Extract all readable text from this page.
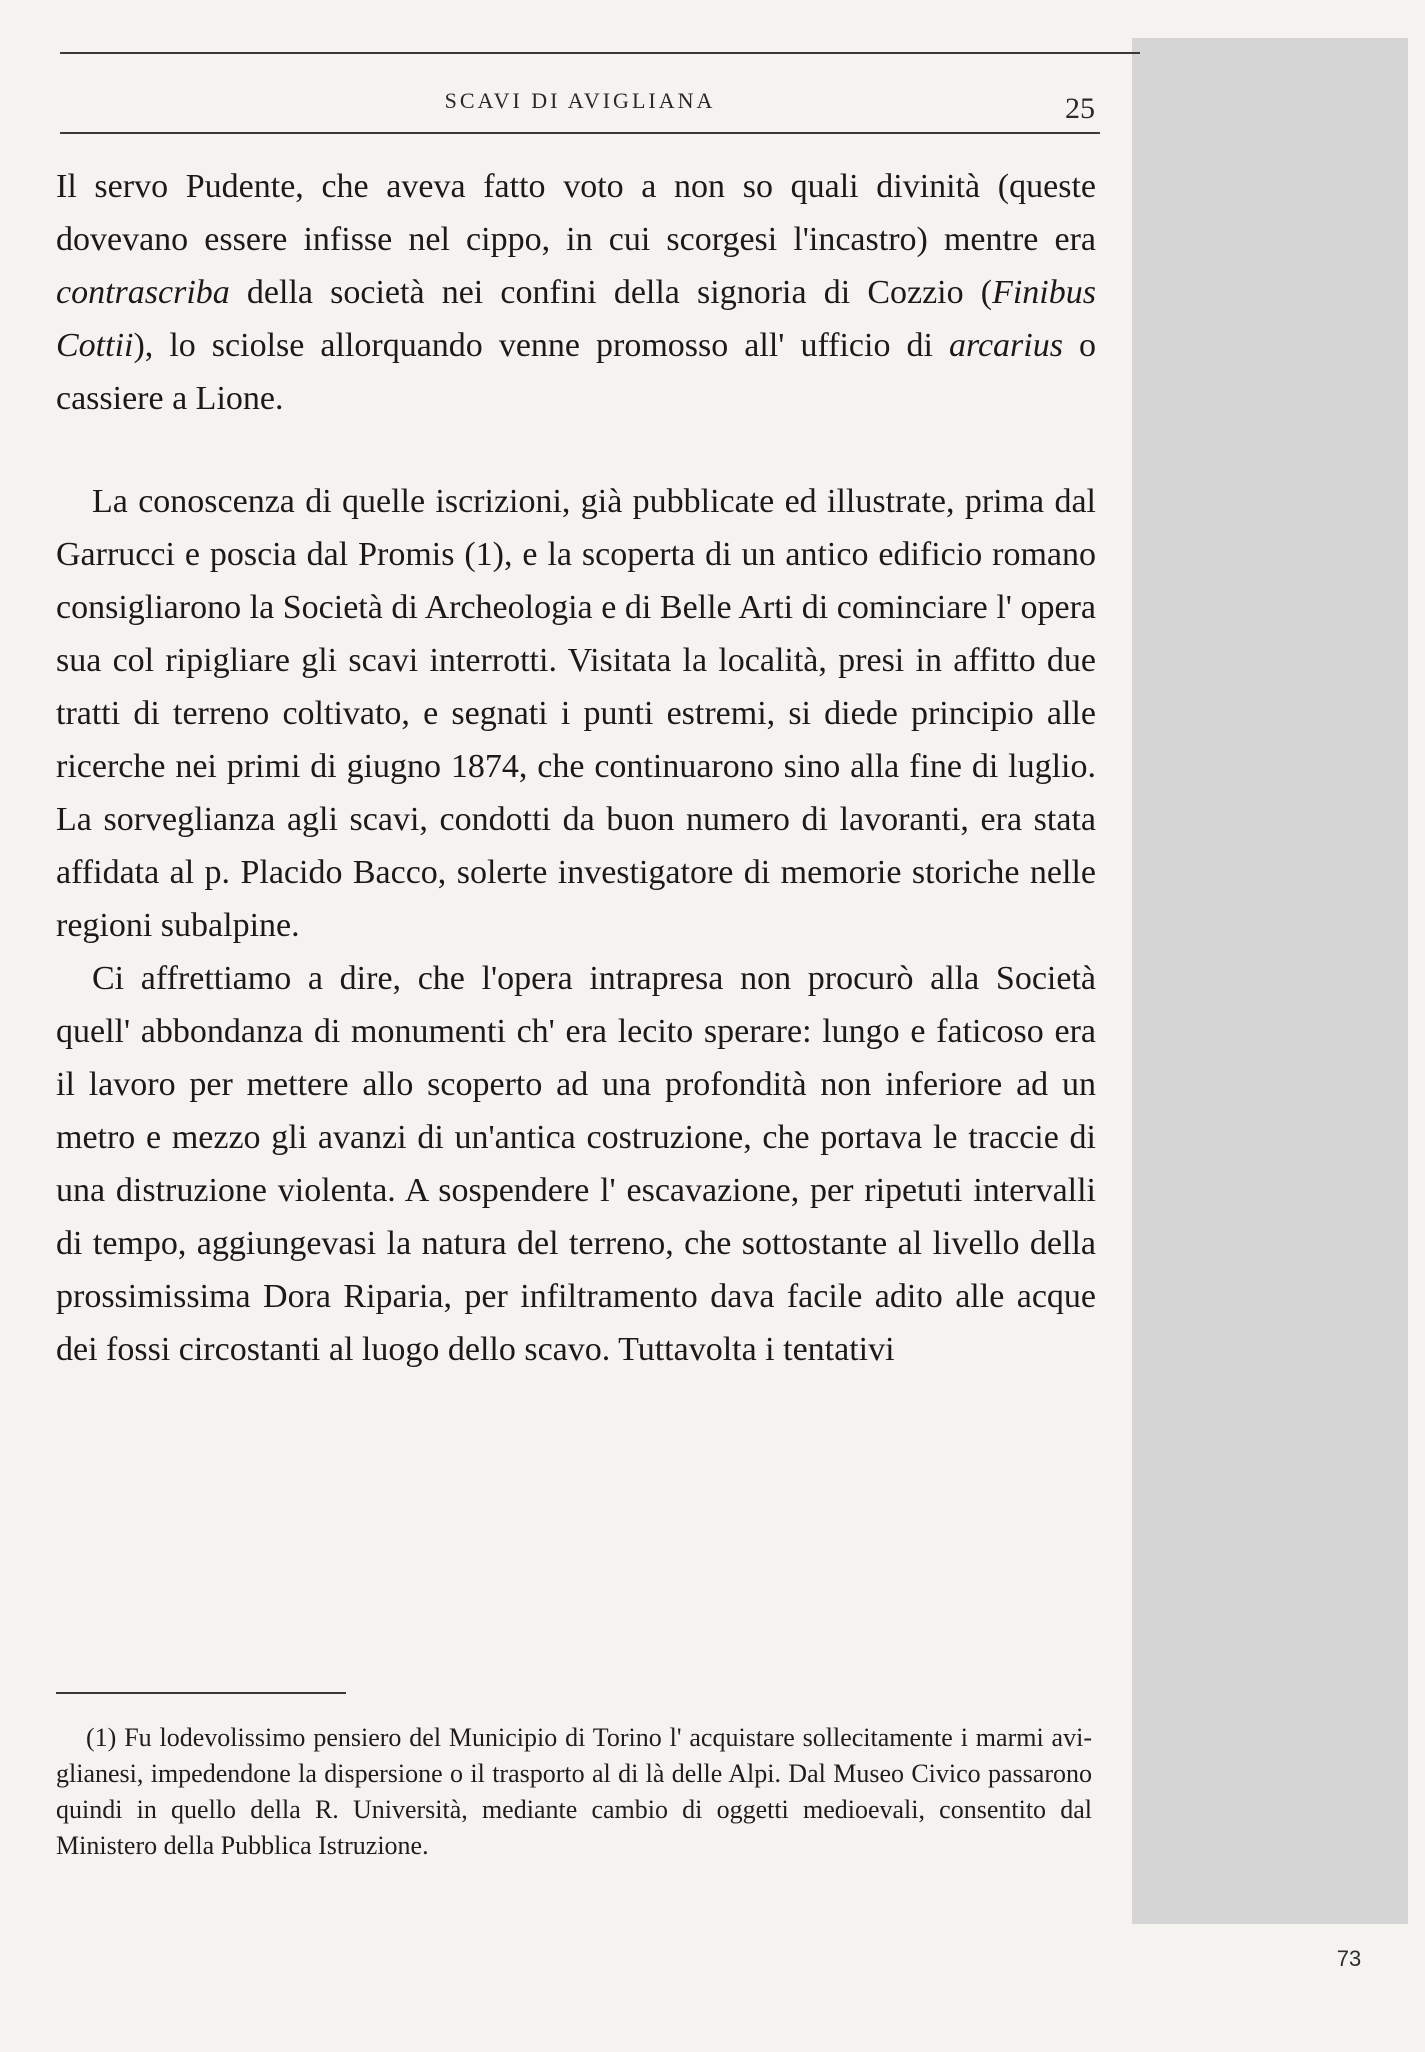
SCAVI DI AVIGLIANA	25

Il servo Pudente, che aveva fatto voto a non so quali divinità (queste dovevano essere infisse nel cippo, in cui scorgesi l'incastro) mentre era contrascriba della società nei confini della signoria di Cozzio (Finibus Cottii), lo sciolse allorquando venne promosso all' ufficio di arcarius o cassiere a Lione.

La conoscenza di quelle iscrizioni, già pubblicate ed illustrate, prima dal Garrucci e poscia dal Promis (1), e la scoperta di un antico edificio romano consigliarono la Società di Archeologia e di Belle Arti di cominciare l' opera sua col ripigliare gli scavi interrotti. Visitata la località, presi in affitto due tratti di terreno coltivato, e segnati i punti estremi, si diede principio alle ricerche nei primi di giugno 1874, che continuarono sino alla fine di luglio. La sorveglianza agli scavi, condotti da buon numero di lavoranti, era stata affidata al p. Placido Bacco, solerte investigatore di memorie storiche nelle regioni subalpine.

Ci affrettiamo a dire, che l'opera intrapresa non procurò alla Società quell' abbondanza di monumenti ch' era lecito sperare: lungo e faticoso era il lavoro per mettere allo scoperto ad una profondità non inferiore ad un metro e mezzo gli avanzi di un'antica costruzione, che portava le traccie di una distruzione violenta. A sospendere l' escavazione, per ripetuti intervalli di tempo, aggiungevasi la natura del terreno, che sottostante al livello della prossimissima Dora Riparia, per infiltramento dava facile adito alle acque dei fossi circostanti al luogo dello scavo. Tuttavolta i tentativi

(1) Fu lodevolissimo pensiero del Municipio di Torino l' acquistare sollecitamente i marmi aviglianesi, impedendone la dispersione o il trasporto al di là delle Alpi. Dal Museo Civico passarono quindi in quello della R. Università, mediante cambio di oggetti medioevali, consentito dal Ministero della Pubblica Istruzione.

73
